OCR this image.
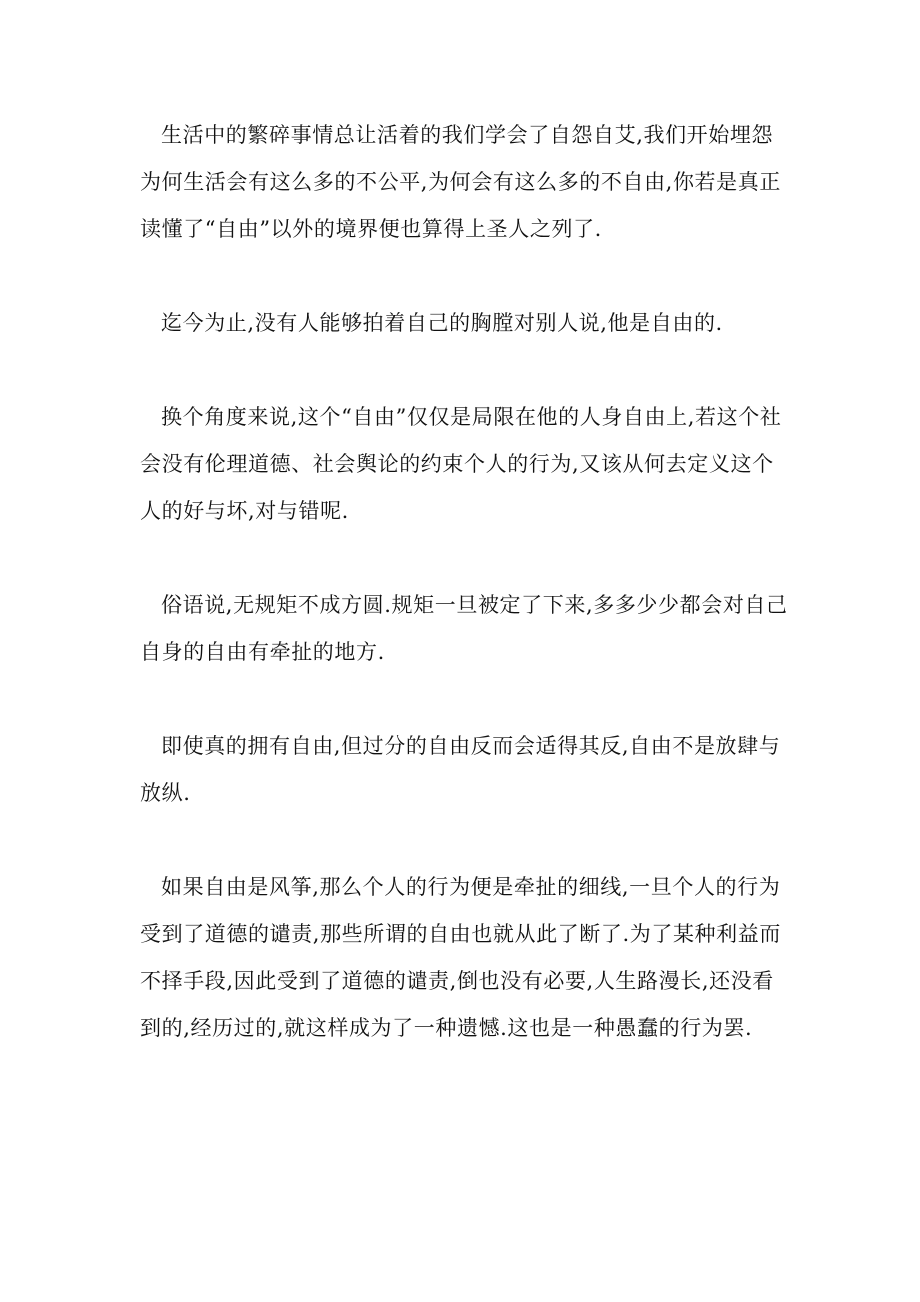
生活中的繁碎事情总让活着的我们学会了自怨自艾,我们开始埋怨为何生活会有这么多的不公平,为何会有这么多的不自由,你若是真正读懂了“自由”以外的境界便也算得上圣人之列了.

迄今为止,没有人能够拍着自己的胸膛对别人说,他是自由的.

换个角度来说,这个“自由”仅仅是局限在他的人身自由上,若这个社会没有伦理道德、社会舆论的约束个人的行为,又该从何去定义这个人的好与坏,对与错呢.

俗语说,无规矩不成方圆.规矩一旦被定了下来,多多少少都会对自己自身的自由有牵扯的地方.

即使真的拥有自由,但过分的自由反而会适得其反,自由不是放肆与放纵.

如果自由是风筝,那么个人的行为便是牵扯的细线,一旦个人的行为受到了道德的谴责,那些所谓的自由也就从此了断了.为了某种利益而不择手段,因此受到了道德的谴责,倒也没有必要,人生路漫长,还没看到的,经历过的,就这样成为了一种遗憾.这也是一种愚蠢的行为罢.
